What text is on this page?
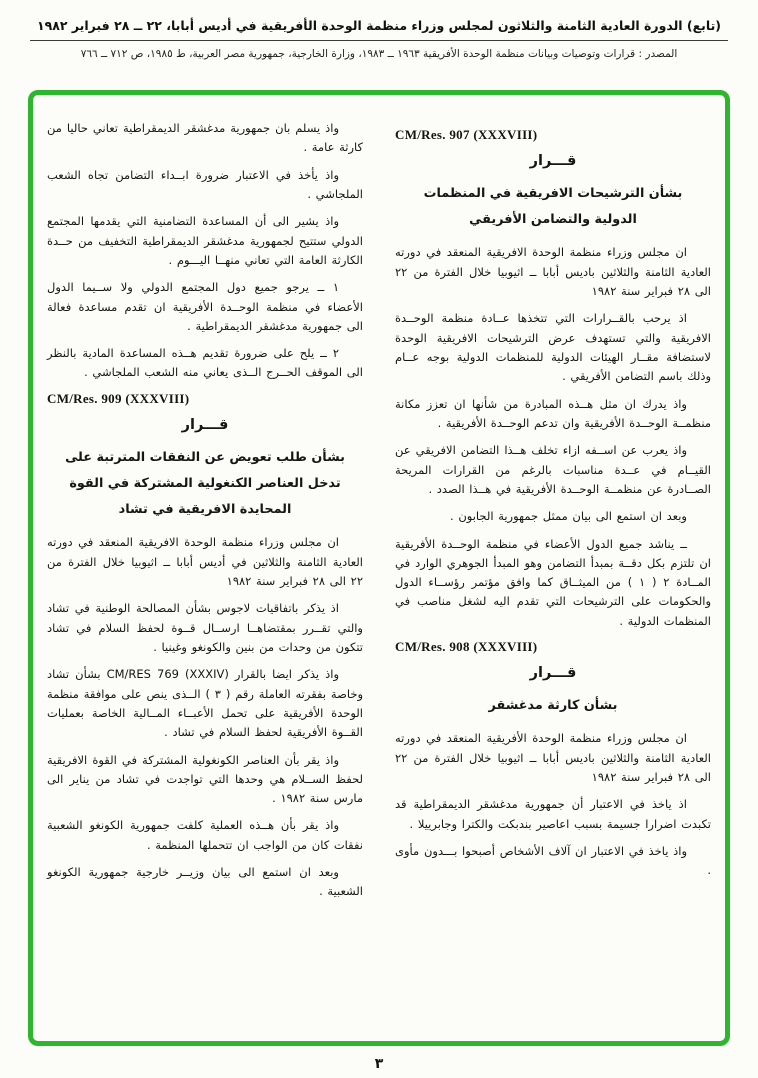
(تابع) الدورة العادية الثامنة والثلاثون لمجلس وزراء منظمة الوحدة الأفريقية في أديس أبابا، ٢٢ ــ ٢٨ فبراير ١٩٨٢
المصدر : قرارات وتوصيات وبيانات منظمة الوحدة الأفريقية ١٩٦٣ ــ ١٩٨٣، وزارة الخارجية، جمهورية مصر العربية، ط ١٩٨٥، ص ٧١٢ ــ ٧٦٦
CM/Res. 907 (XXXVIII)
قـــرار
بشأن الترشيحات الافريقية في المنظمات الدولية والتضامن الأفريقي

ان مجلس وزراء منظمة الوحدة الافريقية المنعقد في دورته العادية الثامنة والثلاثين باديس أبابا ــ اثيوبيا خلال الفترة من ٢٢ الى ٢٨ فبراير سنة ١٩٨٢

اذ يرحب بالقــرارات التي تتخذها عــادة منظمة الوحــدة الافريقية والتي تستهدف عرض الترشيحات الافريقية الوحدة لاستضافة مقــار الهيئات الدولية للمنظمات الدولية بوجه عــام وذلك باسم التضامن الأفريقي .

واذ يدرك ان مثل هــذه المبادرة من شأنها ان تعزز مكانة منظمــة الوحــدة الأفريقية وان تدعم الوحــدة الأفريقية .

واذ يعرب عن اســفه ازاء تخلف هــذا التضامن الافريقي عن القيــام في عــدة مناسبات بالرغم من القرارات المريحة الصــادرة عن منظمــة الوحــدة الأفريقية في هــذا الصدد .

وبعد ان استمع الى بيان ممثل جمهورية الجابون .

ــ يناشد جميع الدول الأعضاء في منظمة الوحــدة الأفريقية ان تلتزم بكل دقــة بمبدأ التضامن وهو المبدأ الجوهري الوارد في المــادة ٢ ( ١ ) من الميثــاق كما وافق مؤتمر رؤســاء الدول والحكومات على الترشيحات التي تقدم اليه لشغل مناصب في المنظمات الدولية .

CM/Res. 908 (XXXVIII)
قـــرار
بشأن كارثة مدغشقر

ان مجلس وزراء منظمة الوحدة الأفريقية المنعقد في دورته العادية الثامنة والثلاثين باديس أبابا ــ اثيوبيا خلال الفترة من ٢٢ الى ٢٨ فبراير سنة ١٩٨٢

اذ ياخذ في الاعتبار أن جمهورية مدغشقر الديمقراطية قد تكبدت اضرارا جسيمة بسبب اعاصير بندبكت والكترا وجابرييلا .

واذ ياخذ في الاعتبار ان آلاف الأشخاص أصبحوا بـــدون مأوى .

واذ يسلم بان جمهورية مدغشقر الديمقراطية تعاني حاليا من كارثة عامة .

واذ يأخذ في الاعتبار ضرورة ابــداء التضامن تجاه الشعب الملجاشي .

واذ يشير الى أن المساعدة التضامنية التي يقدمها المجتمع الدولي ستتيح لجمهورية مدغشقر الديمقراطية التخفيف من حــدة الكارثة العامة التي تعاني منهــا اليـــوم .

١ ــ يرجو جميع دول المجتمع الدولي ولا ســيما الدول الأعضاء في منظمة الوحــدة الأفريقية ان تقدم مساعدة فعالة الى جمهورية مدغشقر الديمقراطية .

٢ ــ يلح على ضرورة تقديم هــذه المساعدة المادية بالنظر الى الموقف الحــرج الــذى يعاني منه الشعب الملجاشي .

CM/Res. 909 (XXXVIII)
قـــرار
بشأن طلب تعويض عن النفقات المترتبة على تدخل العناصر الكنغولية المشتركة في القوة المحايدة الافريقية في تشاد

ان مجلس وزراء منظمة الوحدة الافريقية المنعقد في دورته العادية الثامنة والثلاثين في أديس أبابا ــ اثيوبيا خلال الفترة من ٢٢ الى ٢٨ فبراير سنة ١٩٨٢

اذ يذكر باتفاقيات لاجوس بشأن المصالحة الوطنية في تشاد والتي تقــرر بمقتضاهــا ارســال قــوة لحفظ السلام في تشاد تتكون من وحدات من بنين والكونغو وغينيا .

واذ يذكر ايضا بالقرار CM/RES 769 (XXXIV) بشأن تشاد وخاصة بفقرته العاملة رقم ( ٣ ) الــذى ينص على موافقة منظمة الوحدة الأفريقية على تحمل الأعبــاء المــالية الخاصة بعمليات القــوة الأفريقية لحفظ السلام في تشاد .

واذ يقر بأن العناصر الكونغولية المشتركة في القوة الافريقية لحفظ الســلام هي وحدها التي تواجدت في تشاد من يناير الى مارس سنة ١٩٨٢ .

واذ يقر بأن هــذه العملية كلفت جمهورية الكونغو الشعبية نفقات كان من الواجب ان تتحملها المنظمة .

وبعد ان استمع الى بيان وزيــر خارجية جمهورية الكونغو الشعبية .

٣
